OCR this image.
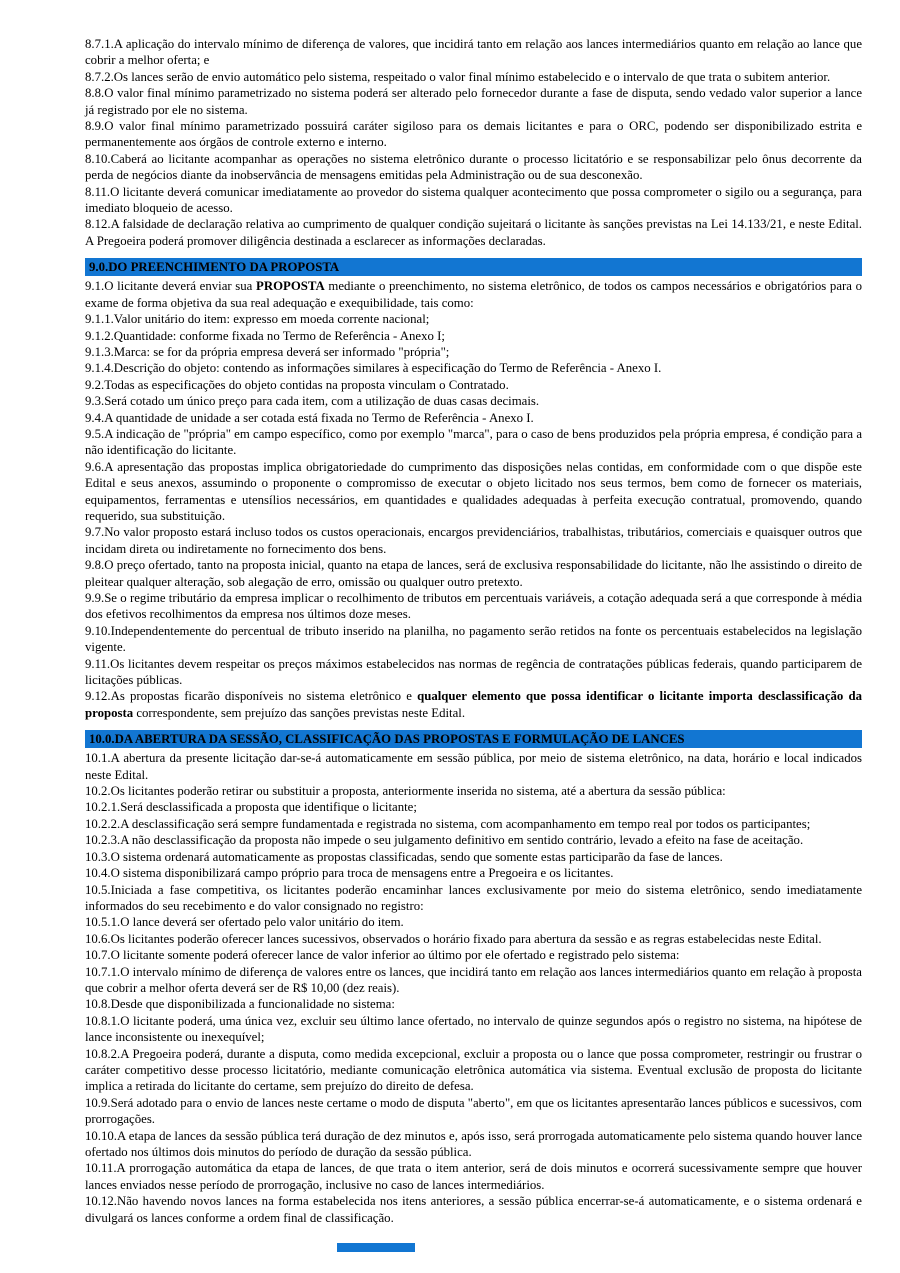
8.7.1.A aplicação do intervalo mínimo de diferença de valores, que incidirá tanto em relação aos lances intermediários quanto em relação ao lance que cobrir a melhor oferta; e

8.7.2.Os lances serão de envio automático pelo sistema, respeitado o valor final mínimo estabelecido e o intervalo de que trata o subitem anterior.

8.8.O valor final mínimo parametrizado no sistema poderá ser alterado pelo fornecedor durante a fase de disputa, sendo vedado valor superior a lance já registrado por ele no sistema.

8.9.O valor final mínimo parametrizado possuirá caráter sigiloso para os demais licitantes e para o ORC, podendo ser disponibilizado estrita e permanentemente aos órgãos de controle externo e interno.

8.10.Caberá ao licitante acompanhar as operações no sistema eletrônico durante o processo licitatório e se responsabilizar pelo ônus decorrente da perda de negócios diante da inobservância de mensagens emitidas pela Administração ou de sua desconexão.

8.11.O licitante deverá comunicar imediatamente ao provedor do sistema qualquer acontecimento que possa comprometer o sigilo ou a segurança, para imediato bloqueio de acesso.

8.12.A falsidade de declaração relativa ao cumprimento de qualquer condição sujeitará o licitante às sanções previstas na Lei 14.133/21, e neste Edital. A Pregoeira poderá promover diligência destinada a esclarecer as informações declaradas.

9.0.DO PREENCHIMENTO DA PROPOSTA

9.1.O licitante deverá enviar sua PROPOSTA mediante o preenchimento, no sistema eletrônico, de todos os campos necessários e obrigatórios para o exame de forma objetiva da sua real adequação e exequibilidade, tais como:

9.1.1.Valor unitário do item: expresso em moeda corrente nacional;

9.1.2.Quantidade: conforme fixada no Termo de Referência - Anexo I;

9.1.3.Marca: se for da própria empresa deverá ser informado "própria";

9.1.4.Descrição do objeto: contendo as informações similares à especificação do Termo de Referência - Anexo I.

9.2.Todas as especificações do objeto contidas na proposta vinculam o Contratado.

9.3.Será cotado um único preço para cada item, com a utilização de duas casas decimais.

9.4.A quantidade de unidade a ser cotada está fixada no Termo de Referência - Anexo I.

9.5.A indicação de "própria" em campo específico, como por exemplo "marca", para o caso de bens produzidos pela própria empresa, é condição para a não identificação do licitante.

9.6.A apresentação das propostas implica obrigatoriedade do cumprimento das disposições nelas contidas, em conformidade com o que dispõe este Edital e seus anexos, assumindo o proponente o compromisso de executar o objeto licitado nos seus termos, bem como de fornecer os materiais, equipamentos, ferramentas e utensílios necessários, em quantidades e qualidades adequadas à perfeita execução contratual, promovendo, quando requerido, sua substituição.

9.7.No valor proposto estará incluso todos os custos operacionais, encargos previdenciários, trabalhistas, tributários, comerciais e quaisquer outros que incidam direta ou indiretamente no fornecimento dos bens.

9.8.O preço ofertado, tanto na proposta inicial, quanto na etapa de lances, será de exclusiva responsabilidade do licitante, não lhe assistindo o direito de pleitear qualquer alteração, sob alegação de erro, omissão ou qualquer outro pretexto.

9.9.Se o regime tributário da empresa implicar o recolhimento de tributos em percentuais variáveis, a cotação adequada será a que corresponde à média dos efetivos recolhimentos da empresa nos últimos doze meses.

9.10.Independentemente do percentual de tributo inserido na planilha, no pagamento serão retidos na fonte os percentuais estabelecidos na legislação vigente.

9.11.Os licitantes devem respeitar os preços máximos estabelecidos nas normas de regência de contratações públicas federais, quando participarem de licitações públicas.

9.12.As propostas ficarão disponíveis no sistema eletrônico e qualquer elemento que possa identificar o licitante importa desclassificação da proposta correspondente, sem prejuízo das sanções previstas neste Edital.

10.0.DA ABERTURA DA SESSÃO, CLASSIFICAÇÃO DAS PROPOSTAS E FORMULAÇÃO DE LANCES

10.1.A abertura da presente licitação dar-se-á automaticamente em sessão pública, por meio de sistema eletrônico, na data, horário e local indicados neste Edital.

10.2.Os licitantes poderão retirar ou substituir a proposta, anteriormente inserida no sistema, até a abertura da sessão pública:

10.2.1.Será desclassificada a proposta que identifique o licitante;

10.2.2.A desclassificação será sempre fundamentada e registrada no sistema, com acompanhamento em tempo real por todos os participantes;

10.2.3.A não desclassificação da proposta não impede o seu julgamento definitivo em sentido contrário, levado a efeito na fase de aceitação.

10.3.O sistema ordenará automaticamente as propostas classificadas, sendo que somente estas participarão da fase de lances.

10.4.O sistema disponibilizará campo próprio para troca de mensagens entre a Pregoeira e os licitantes.

10.5.Iniciada a fase competitiva, os licitantes poderão encaminhar lances exclusivamente por meio do sistema eletrônico, sendo imediatamente informados do seu recebimento e do valor consignado no registro:

10.5.1.O lance deverá ser ofertado pelo valor unitário do item.

10.6.Os licitantes poderão oferecer lances sucessivos, observados o horário fixado para abertura da sessão e as regras estabelecidas neste Edital.

10.7.O licitante somente poderá oferecer lance de valor inferior ao último por ele ofertado e registrado pelo sistema:

10.7.1.O intervalo mínimo de diferença de valores entre os lances, que incidirá tanto em relação aos lances intermediários quanto em relação à proposta que cobrir a melhor oferta deverá ser de R$ 10,00 (dez reais).

10.8.Desde que disponibilizada a funcionalidade no sistema:

10.8.1.O licitante poderá, uma única vez, excluir seu último lance ofertado, no intervalo de quinze segundos após o registro no sistema, na hipótese de lance inconsistente ou inexequível;

10.8.2.A Pregoeira poderá, durante a disputa, como medida excepcional, excluir a proposta ou o lance que possa comprometer, restringir ou frustrar o caráter competitivo desse processo licitatório, mediante comunicação eletrônica automática via sistema. Eventual exclusão de proposta do licitante implica a retirada do licitante do certame, sem prejuízo do direito de defesa.

10.9.Será adotado para o envio de lances neste certame o modo de disputa "aberto", em que os licitantes apresentarão lances públicos e sucessivos, com prorrogações.

10.10.A etapa de lances da sessão pública terá duração de dez minutos e, após isso, será prorrogada automaticamente pelo sistema quando houver lance ofertado nos últimos dois minutos do período de duração da sessão pública.

10.11.A prorrogação automática da etapa de lances, de que trata o item anterior, será de dois minutos e ocorrerá sucessivamente sempre que houver lances enviados nesse período de prorrogação, inclusive no caso de lances intermediários.

10.12.Não havendo novos lances na forma estabelecida nos itens anteriores, a sessão pública encerrar-se-á automaticamente, e o sistema ordenará e divulgará os lances conforme a ordem final de classificação.
